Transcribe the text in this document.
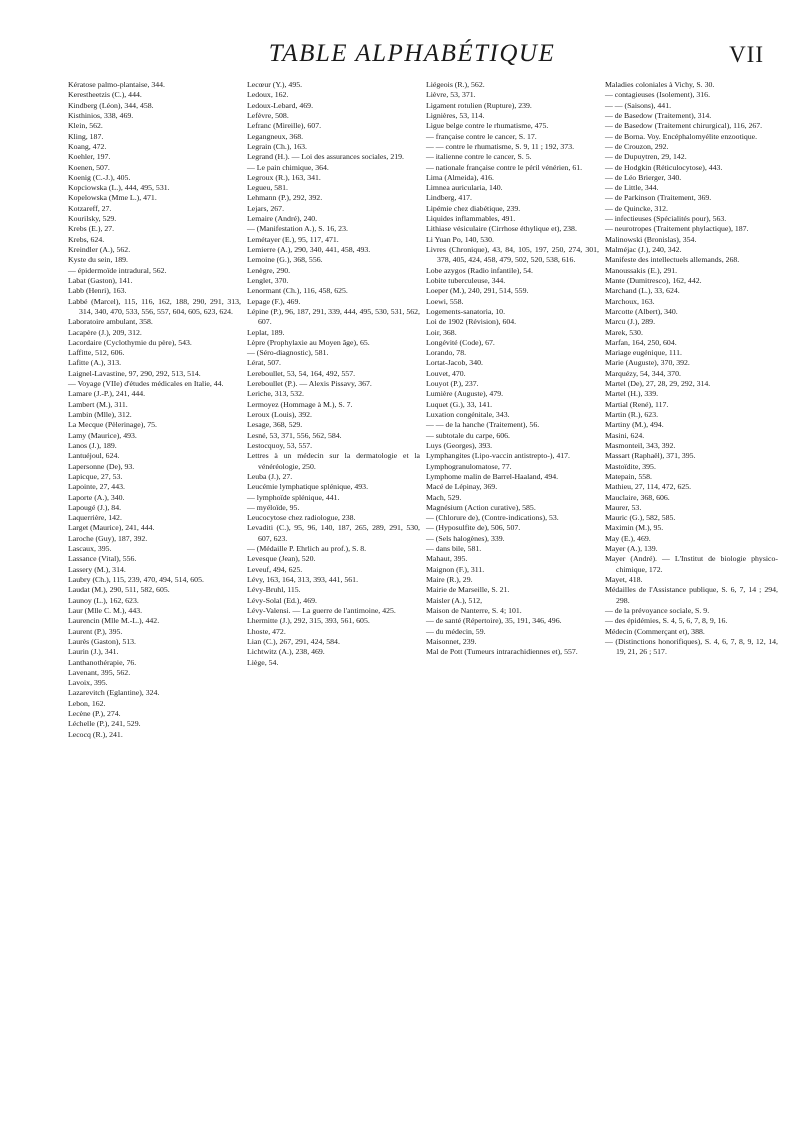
TABLE ALPHABÉTIQUE	VII
Kératose palmo-plantaise, 344.
Kerestheetzis (C.), 444.
Kindberg (Léon), 344, 458.
Kisthinios, 338, 469.
Klein, 562.
Kling, 187.
Koang, 472.
Koehler, 197.
Koenen, 507.
Koenig (C.-J.), 405.
Kopciowska (L.), 444, 495, 531.
Kopelowska (Mme L.), 471.
Kotzareff, 27.
Kourilsky, 529.
Krebs (E.), 27.
Krebs, 624.
Kreindler (A.), 562.
Kyste du sein, 189.
— épidermoïde intradural, 562.
Labat (Gaston), 141.
Labb (Henri), 163.
Labbé (Marcel), 115, 116, 162, 188, 290, 291, 313, 314, 340, 470, 533, 556, 557, 604, 605, 623, 624.
Laboratoire ambulant, 358.
Lacapère (J.), 209, 312.
Lacordaire (Cyclothymie du père), 543.
Laffitte, 512, 606.
Lafitte (A.), 313.
Laignel-Lavastine, 97, 290, 292, 513, 514.
— Voyage (VIIe) d'études médicales en Italie, 44.
Lamare (J.-P.), 241, 444.
Lambert (M.), 311.
Lambin (Mlle), 312.
La Mecque (Pèlerinage), 75.
Lamy (Maurice), 493.
Lanos (J.), 189.
Lantuéjoul, 624.
Lapersonne (De), 93.
Lapicque, 27, 53.
Lapointe, 27, 443.
Laporte (A.), 340.
Lapougé (J.), 84.
Laquerrière, 142.
Larget (Maurice), 241, 444.
Laroche (Guy), 187, 392.
Lascaux, 395.
Lassance (Vital), 556.
Lassery (M.), 314.
Laubry (Ch.), 115, 239, 470, 494, 514, 605.
Laudat (M.), 290, 511, 582, 605.
Launoy (L.), 162, 623.
Laur (Mlle C. M.), 443.
Laurencin (Mlle M.-L.), 442.
Laurent (P.), 395.
Laurès (Gaston), 513.
Laurin (J.), 341.
Lanthanothérapie, 76.
Lavenant, 395, 562.
Lavoix, 395.
Lazarevitch (Eglantine), 324.
Lebon, 162.
Lecène (P.), 274.
Léchelle (P.), 241, 529.
Lecocq (R.), 241.
Lecœur (Y.), 495.
Ledoux, 162.
Ledoux-Lebard, 469.
Lefèvre, 508.
Lefranc (Mireille), 607.
Legangneux, 368.
Legrain (Ch.), 163.
Legrand (H.). — Loi des assurances sociales, 219.
— Le pain chimique, 364.
Legroux (R.), 163, 341.
Legueu, 581.
Lehmann (P.), 292, 392.
Lejars, 267.
Lemaire (André), 240.
— (Manifestation A.), S. 16, 23.
Lemétayer (E.), 95, 117, 471.
Lemierre (A.), 290, 340, 441, 458, 493.
Lemoine (G.), 368, 556.
Lenègre, 290.
Lenglet, 370.
Lenormant (Ch.), 116, 458, 625.
Lepage (F.), 469.
Lépine (P.), 96, 187, 291, 339, 444, 495, 530, 531, 562, 607.
Leplat, 189.
Lèpre (Prophylaxie au Moyen âge), 65.
— (Séro-diagnostic), 581.
Lérat, 507.
Lereboullet, 53, 54, 164, 492, 557.
Lereboullet (P.). — Alexis Pissavy, 367.
Leriche, 313, 532.
Lermoyez (Hommage à M.), S. 7.
Leroux (Louis), 392.
Lesage, 368, 529.
Lesné, 53, 371, 556, 562, 584.
Lestocquoy, 53, 557.
Lettres à un médecin sur la dermatologie et la vénéréologie, 250.
Leuba (J.), 27.
Leucémie lymphatique splénique, 493.
— lymphoïde splénique, 441.
— myéloïde, 95.
Leucocytose chez radiologue, 238.
Levaditi (C.), 95, 96, 140, 187, 265, 289, 291, 530, 607, 623.
— (Médaille P. Ehrlich au prof.), S. 8.
Levesque (Jean), 520.
Leveuf, 494, 625.
Lévy, 163, 164, 313, 393, 441, 561.
Lévy-Bruhl, 115.
Lévy-Solal (Ed.), 469.
Lévy-Valensi. — La guerre de l'antimoine, 425.
Lhermitte (J.), 292, 315, 393, 561, 605.
Lhoste, 472.
Lian (C.), 267, 291, 424, 584.
Lichtwitz (A.), 238, 469.
Liège, 54.
Liégeois (R.), 562.
Lièvre, 53, 371.
Ligament rotulien (Rupture), 239.
Lignières, 53, 114.
Ligue belge contre le rhumatisme, 475.
— française contre le cancer, S. 17.
— — contre le rhumatisme, S. 9, 11 ; 192, 373.
— italienne contre le cancer, S. 5.
— nationale française contre le péril vénérien, 61.
Lima (Almeida), 416.
Limnea auricularia, 140.
Lindberg, 417.
Lipémie chez diabétique, 239.
Liquides inflammables, 491.
Lithiase vésiculaire (Cirrhose éthylique et), 238.
Li Yuan Po, 140, 530.
Livres (Chronique), 43, 84, 105, 197, 250, 274, 301, 378, 405, 424, 458, 479, 502, 520, 538, 616.
Lobe azygos (Radio infantile), 54.
Lobite tuberculeuse, 344.
Loeper (M.), 240, 291, 514, 559.
Loewi, 558.
Logements-sanatoria, 10.
Loi de 1902 (Révision), 604.
Loir, 368.
Longévité (Code), 67.
Lorando, 78.
Lortat-Jacob, 340.
Louvet, 470.
Louyot (P.), 237.
Lumière (Auguste), 479.
Luquet (G.), 33, 141.
Luxation congénitale, 343.
— — de la hanche (Traitement), 56.
— subtotale du carpe, 606.
Luys (Georges), 393.
Lymphangites (Lipo-vaccin antistrepto-), 417.
Lymphogranulomatose, 77.
Lymphome malin de Barrel-Haaland, 494.
Macé de Lépinay, 369.
Mach, 529.
Magnésium (Action curative), 585.
— (Chlorure de), (Contre-indications), 53.
— (Hyposulfite de), 506, 507.
— (Sels halogènes), 339.
— dans bile, 581.
Mahaut, 395.
Maignon (F.), 311.
Maire (R.), 29.
Mairie de Marseille, S. 21.
Maisler (A.), 512,
Maison de Nanterre, S. 4; 101.
— de santé (Répertoire), 35, 191, 346, 496.
— du médecin, 59.
Maisonnet, 239.
Mal de Pott (Tumeurs intrarachidiennes et), 557.
Maladies coloniales à Vichy, S. 30.
— contagieuses (Isolement), 316.
— — (Saisons), 441.
— de Basedow (Traitement), 314.
— de Basedow (Traitement chirurgical), 116, 267.
— de Borna. Voy. Encéphalomyélite enzootique.
— de Crouzon, 292.
— de Dupuytren, 29, 142.
— de Hodgkin (Réticulocytose), 443.
— de Léo Brierger, 340.
— de Little, 344.
— de Parkinson (Traitement, 369.
— de Quincke, 312.
— infectieuses (Spécialités pour), 563.
— neurotropes (Traitement phylactique), 187.
Malinowski (Bronislas), 354.
Malméjac (J.), 240, 342.
Manifeste des intellectuels allemands, 268.
Manoussakis (E.), 291.
Mante (Dumitresco), 162, 442.
Marchand (L.), 33, 624.
Marchoux, 163.
Marcotte (Albert), 340.
Marcu (J.), 289.
Marek, 530.
Marfan, 164, 250, 604.
Mariage eugénique, 111.
Marie (Auguste), 370, 392.
Marquézy, 54, 344, 370.
Martel (De), 27, 28, 29, 292, 314.
Martel (H.), 339.
Martial (René), 117.
Martin (R.), 623.
Martiny (M.), 494.
Masini, 624.
Masmonteil, 343, 392.
Massart (Raphaël), 371, 395.
Mastoïdite, 395.
Matepain, 558.
Mathieu, 27, 114, 472, 625.
Mauclaire, 368, 606.
Maurer, 53.
Mauric (G.), 582, 585.
Maximin (M.), 95.
May (E.), 469.
Mayer (A.), 139.
Mayer (André). — L'Institut de biologie physico-chimique, 172.
Mayet, 418.
Médailles de l'Assistance publique, S. 6, 7, 14 ; 294, 298.
— de la prévoyance sociale, S. 9.
— des épidémies, S. 4, 5, 6, 7, 8, 9, 16.
Médecin (Commerçant et), 388.
— (Distinctions honorifiques), S. 4, 6, 7, 8, 9, 12, 14, 19, 21, 26 ; 517.
